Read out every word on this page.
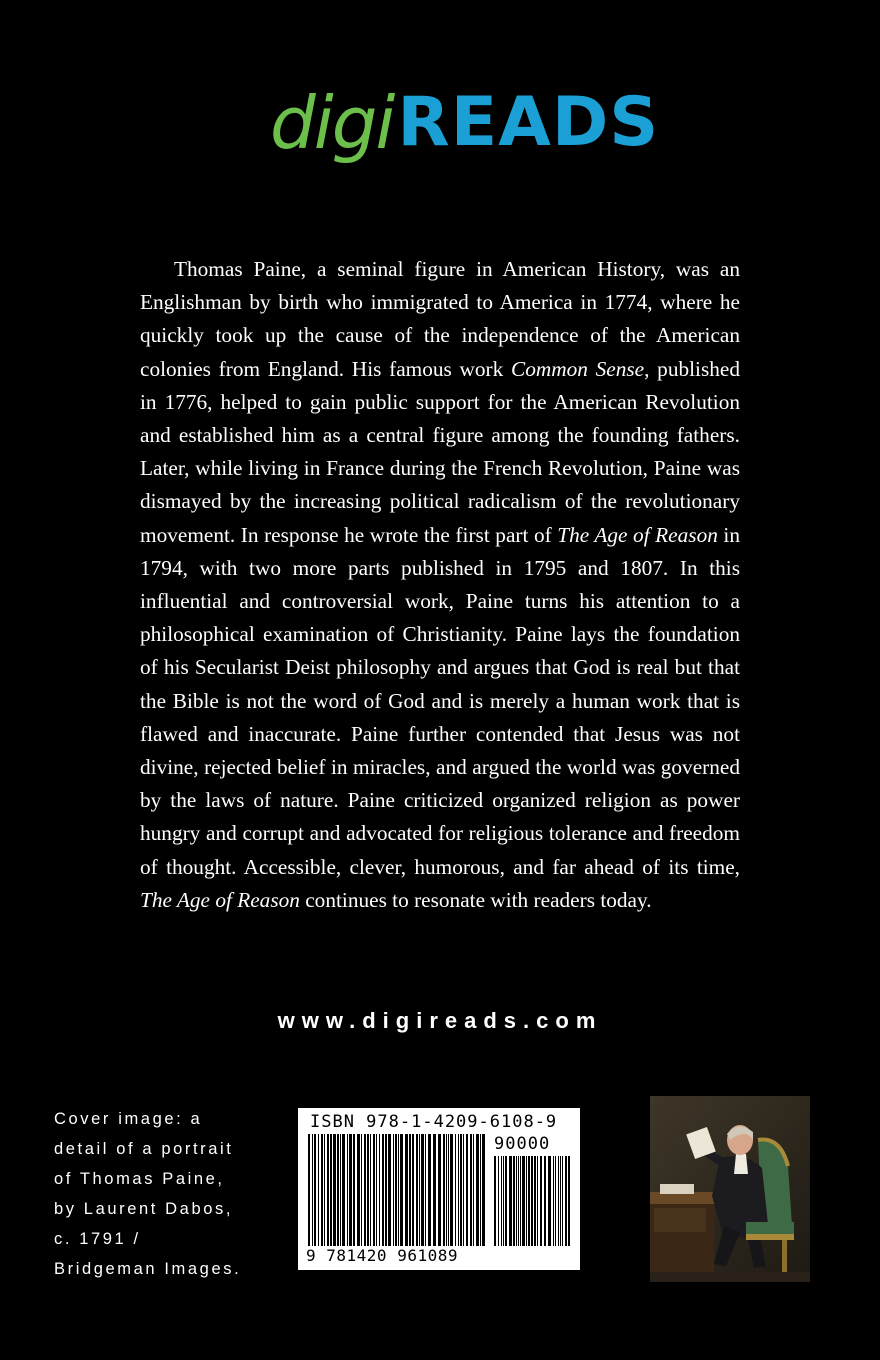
digi READS

Thomas Paine, a seminal figure in American History, was an Englishman by birth who immigrated to America in 1774, where he quickly took up the cause of the independence of the American colonies from England. His famous work Common Sense, published in 1776, helped to gain public support for the American Revolution and established him as a central figure among the founding fathers. Later, while living in France during the French Revolution, Paine was dismayed by the increasing political radicalism of the revolutionary movement. In response he wrote the first part of The Age of Reason in 1794, with two more parts published in 1795 and 1807. In this influential and controversial work, Paine turns his attention to a philosophical examination of Christianity. Paine lays the foundation of his Secularist Deist philosophy and argues that God is real but that the Bible is not the word of God and is merely a human work that is flawed and inaccurate. Paine further contended that Jesus was not divine, rejected belief in miracles, and argued the world was governed by the laws of nature. Paine criticized organized religion as power hungry and corrupt and advocated for religious tolerance and freedom of thought. Accessible, clever, humorous, and far ahead of its time, The Age of Reason continues to resonate with readers today.

www.digireads.com
Cover image: a
detail of a portrait
of Thomas Paine,
by Laurent Dabos,
c. 1791 /
Bridgeman Images.
ISBN 978-1-4209-6108-9
90000
9 781420 961089
